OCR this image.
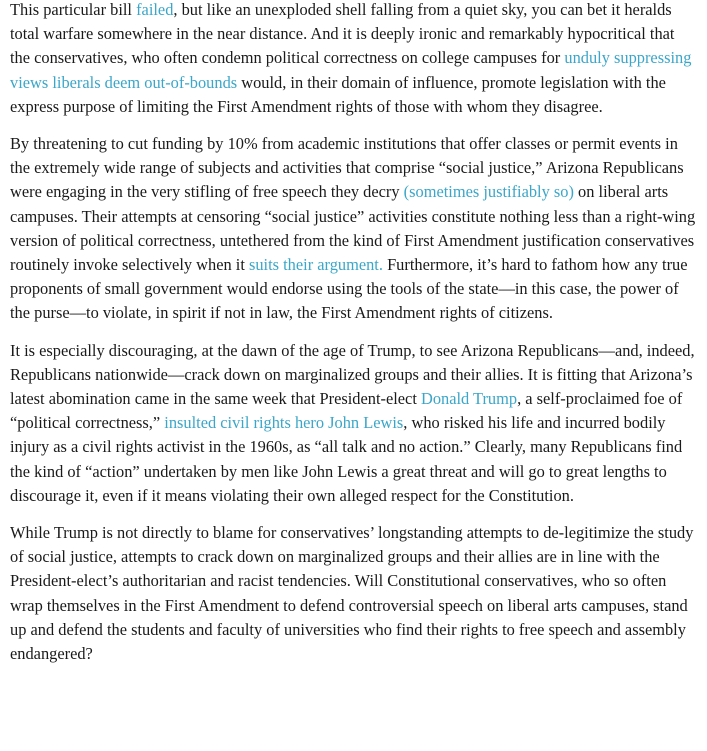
This particular bill failed, but like an unexploded shell falling from a quiet sky, you can bet it heralds total warfare somewhere in the near distance. And it is deeply ironic and remarkably hypocritical that the conservatives, who often condemn political correctness on college campuses for unduly suppressing views liberals deem out-of-bounds would, in their domain of influence, promote legislation with the express purpose of limiting the First Amendment rights of those with whom they disagree.

By threatening to cut funding by 10% from academic institutions that offer classes or permit events in the extremely wide range of subjects and activities that comprise “social justice,” Arizona Republicans were engaging in the very stifling of free speech they decry (sometimes justifiably so) on liberal arts campuses. Their attempts at censoring “social justice” activities constitute nothing less than a right-wing version of political correctness, untethered from the kind of First Amendment justification conservatives routinely invoke selectively when it suits their argument. Furthermore, it’s hard to fathom how any true proponents of small government would endorse using the tools of the state—in this case, the power of the purse—to violate, in spirit if not in law, the First Amendment rights of citizens.

It is especially discouraging, at the dawn of the age of Trump, to see Arizona Republicans—and, indeed, Republicans nationwide—crack down on marginalized groups and their allies. It is fitting that Arizona’s latest abomination came in the same week that President-elect Donald Trump, a self-proclaimed foe of “political correctness,” insulted civil rights hero John Lewis, who risked his life and incurred bodily injury as a civil rights activist in the 1960s, as “all talk and no action.” Clearly, many Republicans find the kind of “action” undertaken by men like John Lewis a great threat and will go to great lengths to discourage it, even if it means violating their own alleged respect for the Constitution.

While Trump is not directly to blame for conservatives’ longstanding attempts to de-legitimize the study of social justice, attempts to crack down on marginalized groups and their allies are in line with the President-elect’s authoritarian and racist tendencies. Will Constitutional conservatives, who so often wrap themselves in the First Amendment to defend controversial speech on liberal arts campuses, stand up and defend the students and faculty of universities who find their rights to free speech and assembly endangered?
